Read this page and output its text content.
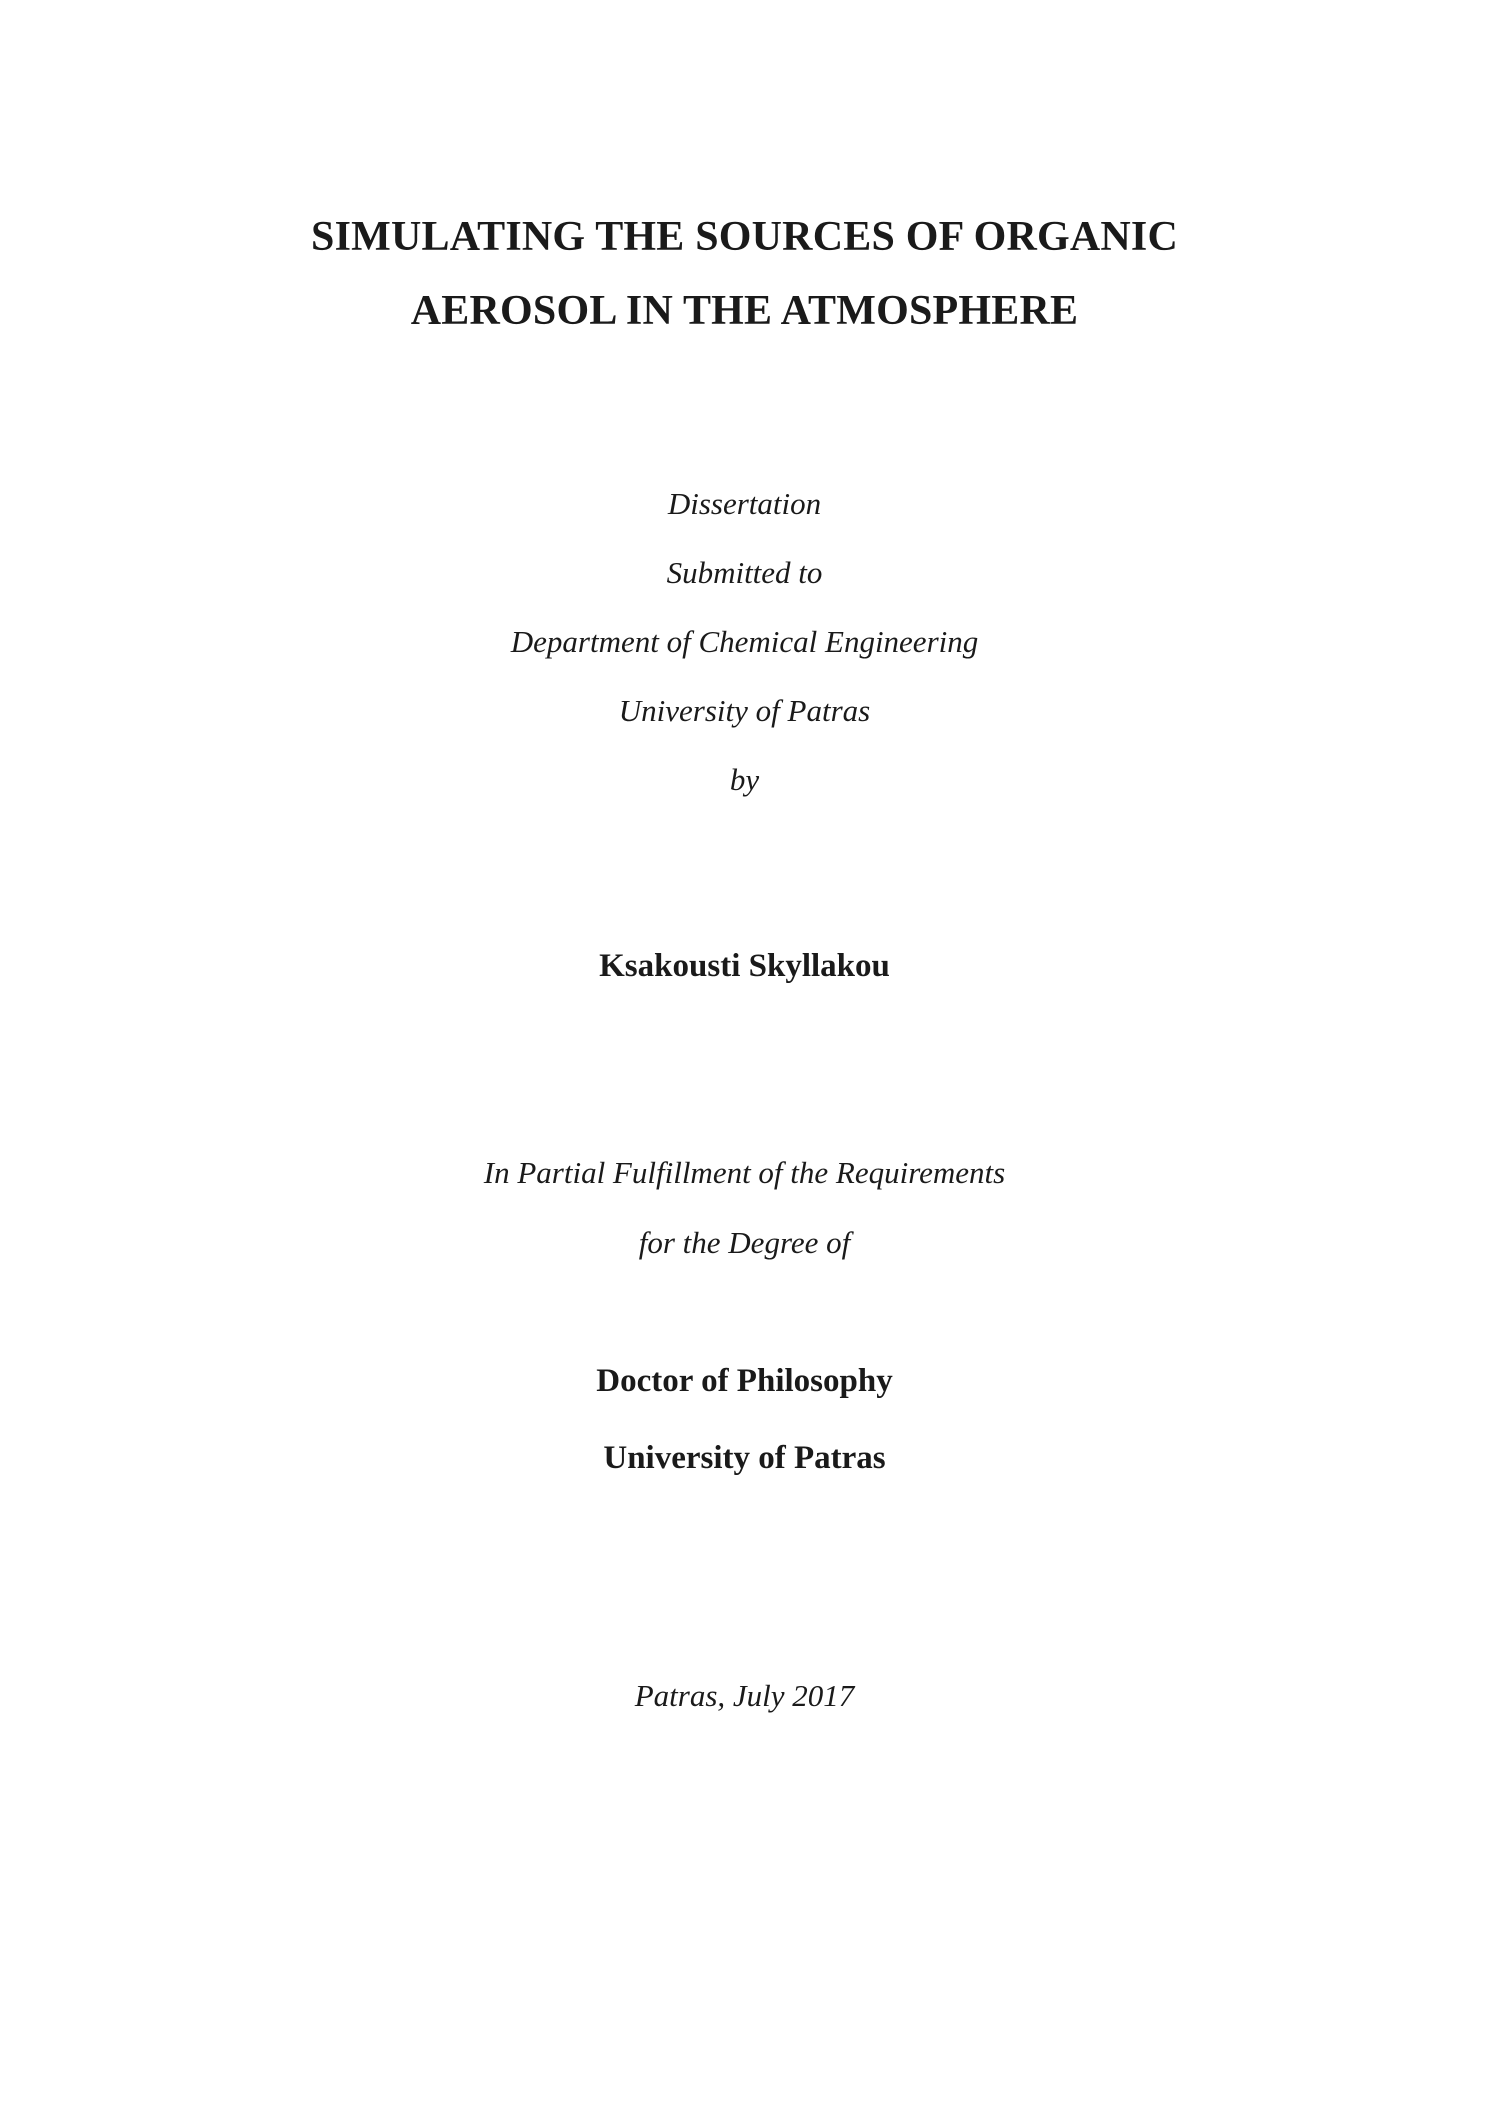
SIMULATING THE SOURCES OF ORGANIC
AEROSOL IN THE ATMOSPHERE
Dissertation
Submitted to
Department of Chemical Engineering
University of Patras
by
Ksakousti Skyllakou
In Partial Fulfillment of the Requirements
for the Degree of
Doctor of Philosophy
University of Patras
Patras, July 2017
